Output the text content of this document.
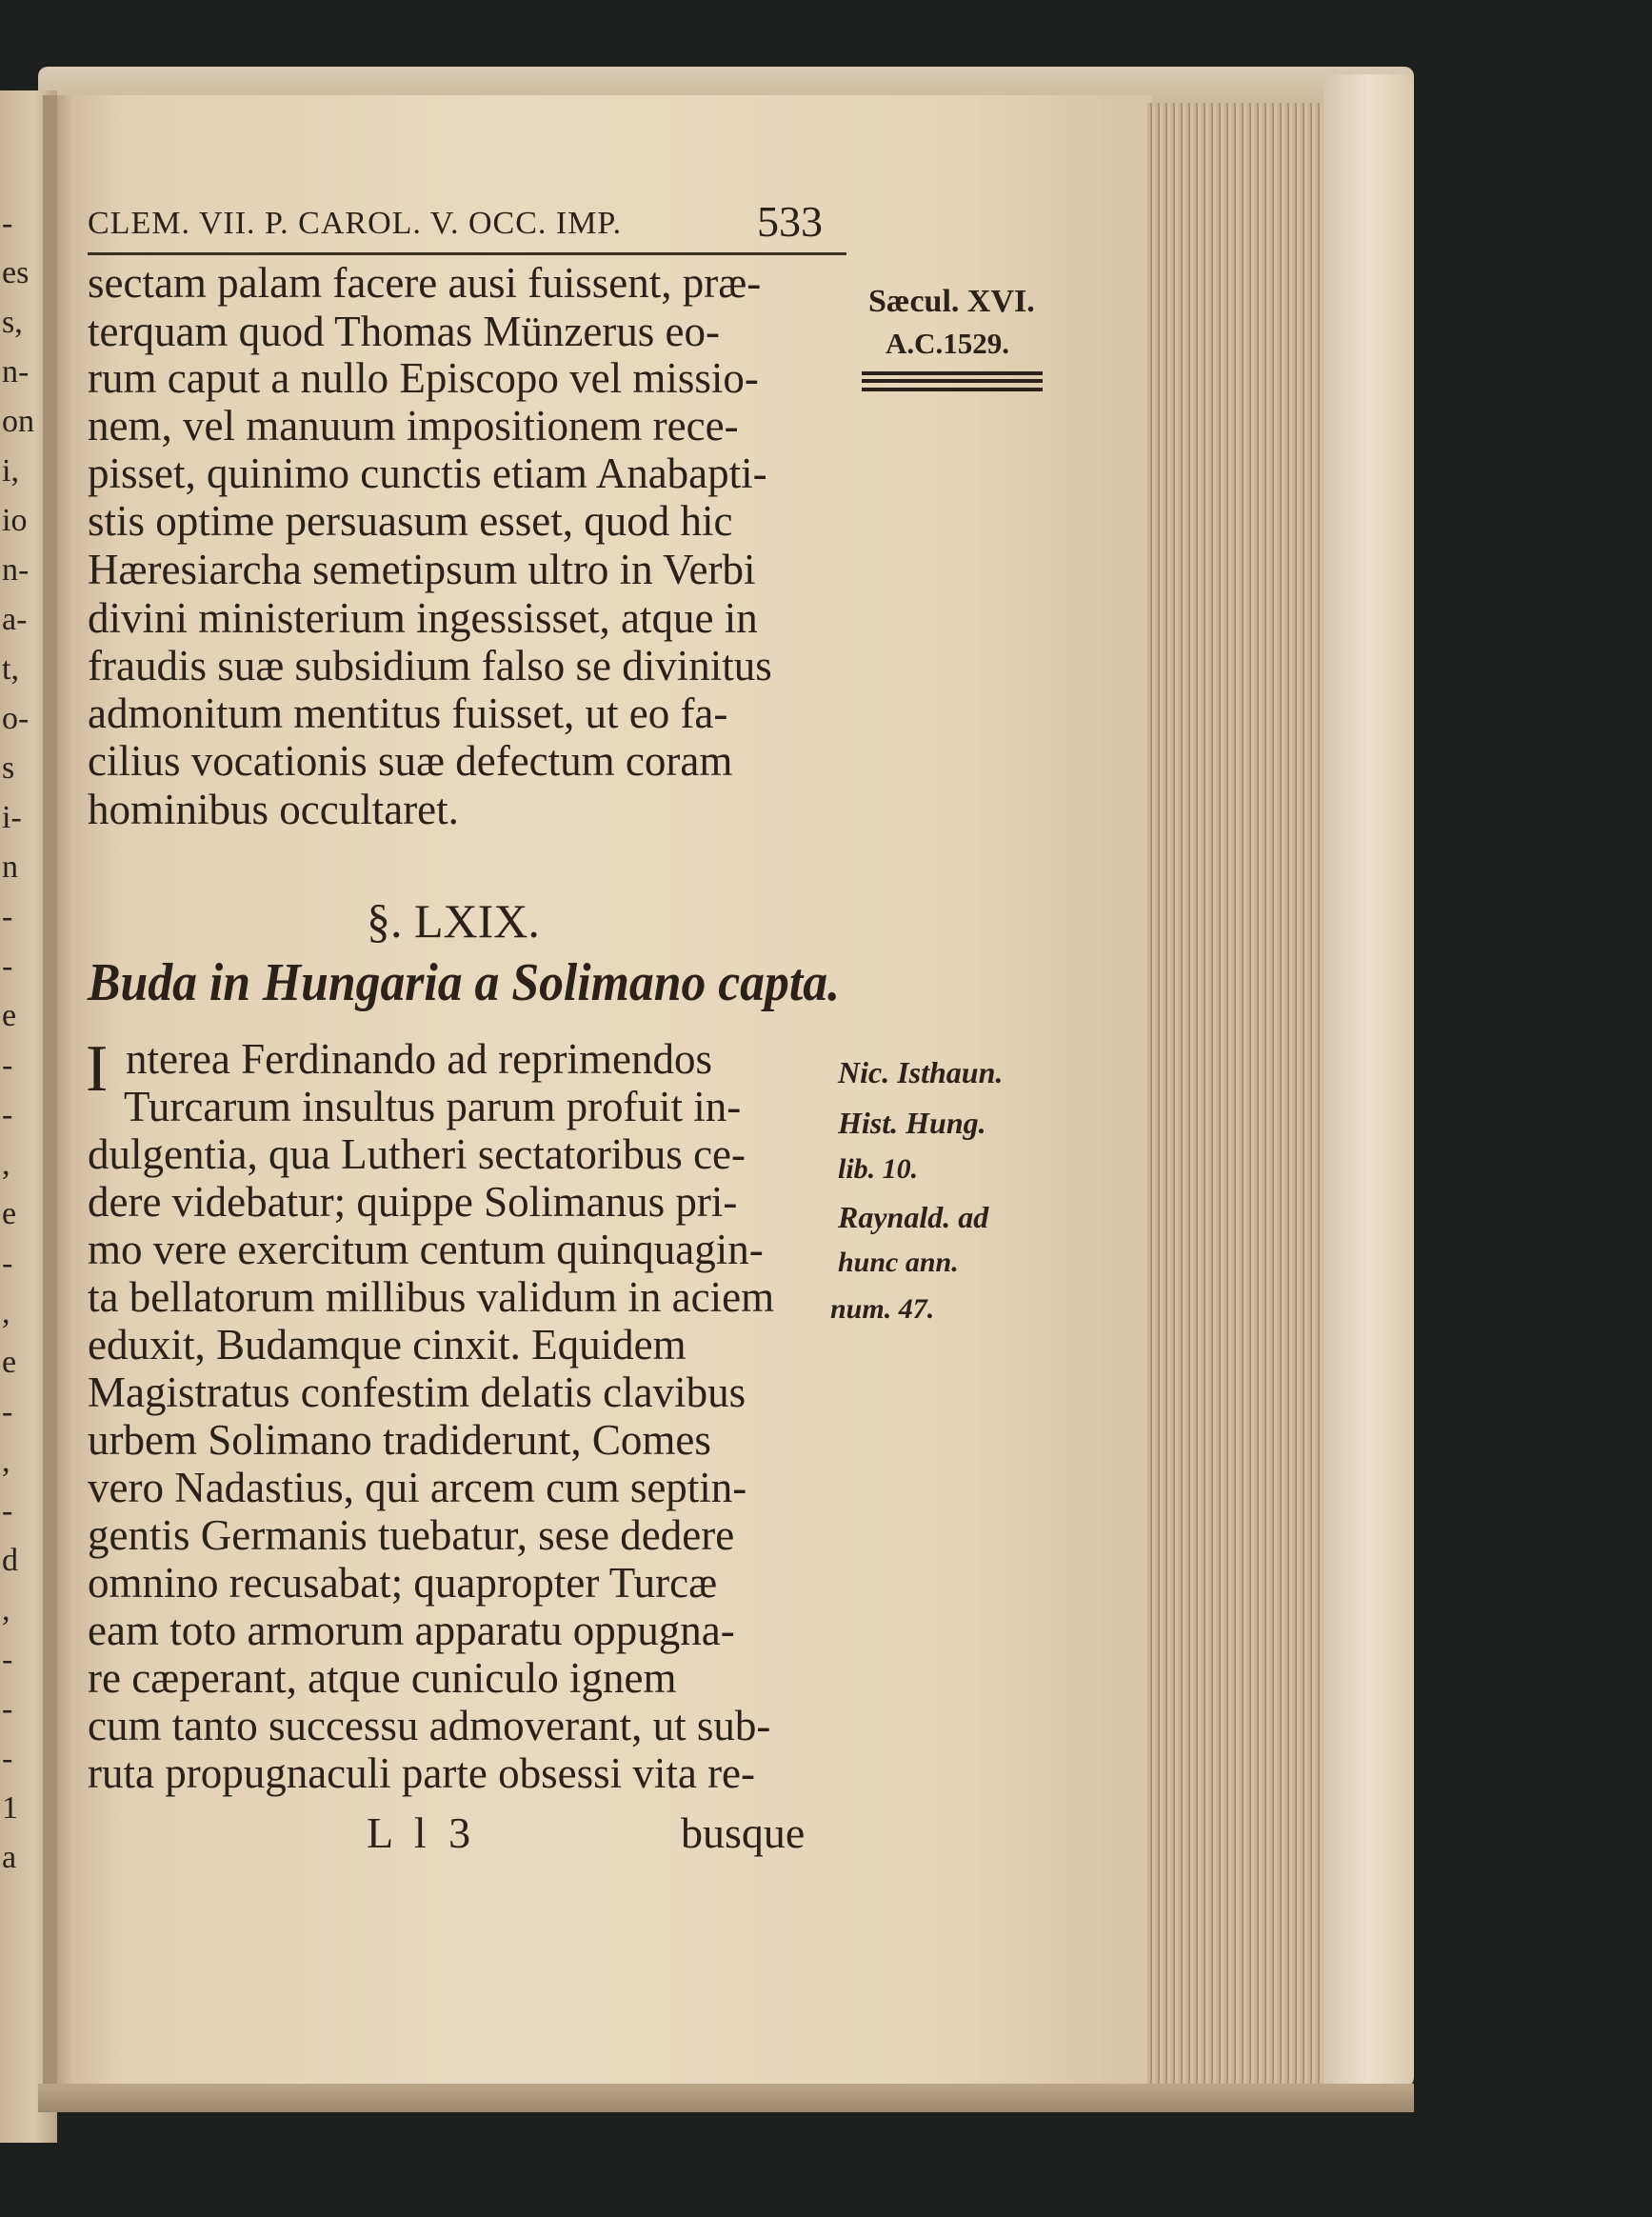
-
es
s,
n-
on
i,
io
n-
a-
t,
o-
s
i-
n
-
-
e
-
-
,
e
-
,
e
-
,
-
d
,
-
-
-
1
a
CLEM. VII. P. CAROL. V. OCC. IMP.	533
Sæcul. XVI.
A.C.1529.
Nic. Isthaun.
Hist. Hung.
lib. 10.
Raynald. ad
hunc ann.
num. 47.
sectam palam facere ausi fuissent, præ-
terquam quod Thomas Münzerus eo-
rum caput a nullo Episcopo vel missio-
nem, vel manuum impositionem rece-
pisset, quinimo cunctis etiam Anabapti-
stis optime persuasum esset, quod hic
Hæresiarcha semetipsum ultro in Verbi
divini ministerium ingessisset, atque in
fraudis suæ subsidium falso se divinitus
admonitum mentitus fuisset, ut eo fa-
cilius vocationis suæ defectum coram
hominibus occultaret.
§. LXIX.
Buda in Hungaria a Solimano capta.
I nterea Ferdinando ad reprimendos
Turcarum insultus parum profuit in-
dulgentia, qua Lutheri sectatoribus ce-
dere videbatur; quippe Solimanus pri-
mo vere exercitum centum quinquagin-
ta bellatorum millibus validum in aciem
eduxit, Budamque cinxit. Equidem
Magistratus confestim delatis clavibus
urbem Solimano tradiderunt, Comes
vero Nadastius, qui arcem cum septin-
gentis Germanis tuebatur, sese dedere
omnino recusabat; quapropter Turcæ
eam toto armorum apparatu oppugna-
re cæperant, atque cuniculo ignem
cum tanto successu admoverant, ut sub-
ruta propugnaculi parte obsessi vita re-
L l 3	busque
